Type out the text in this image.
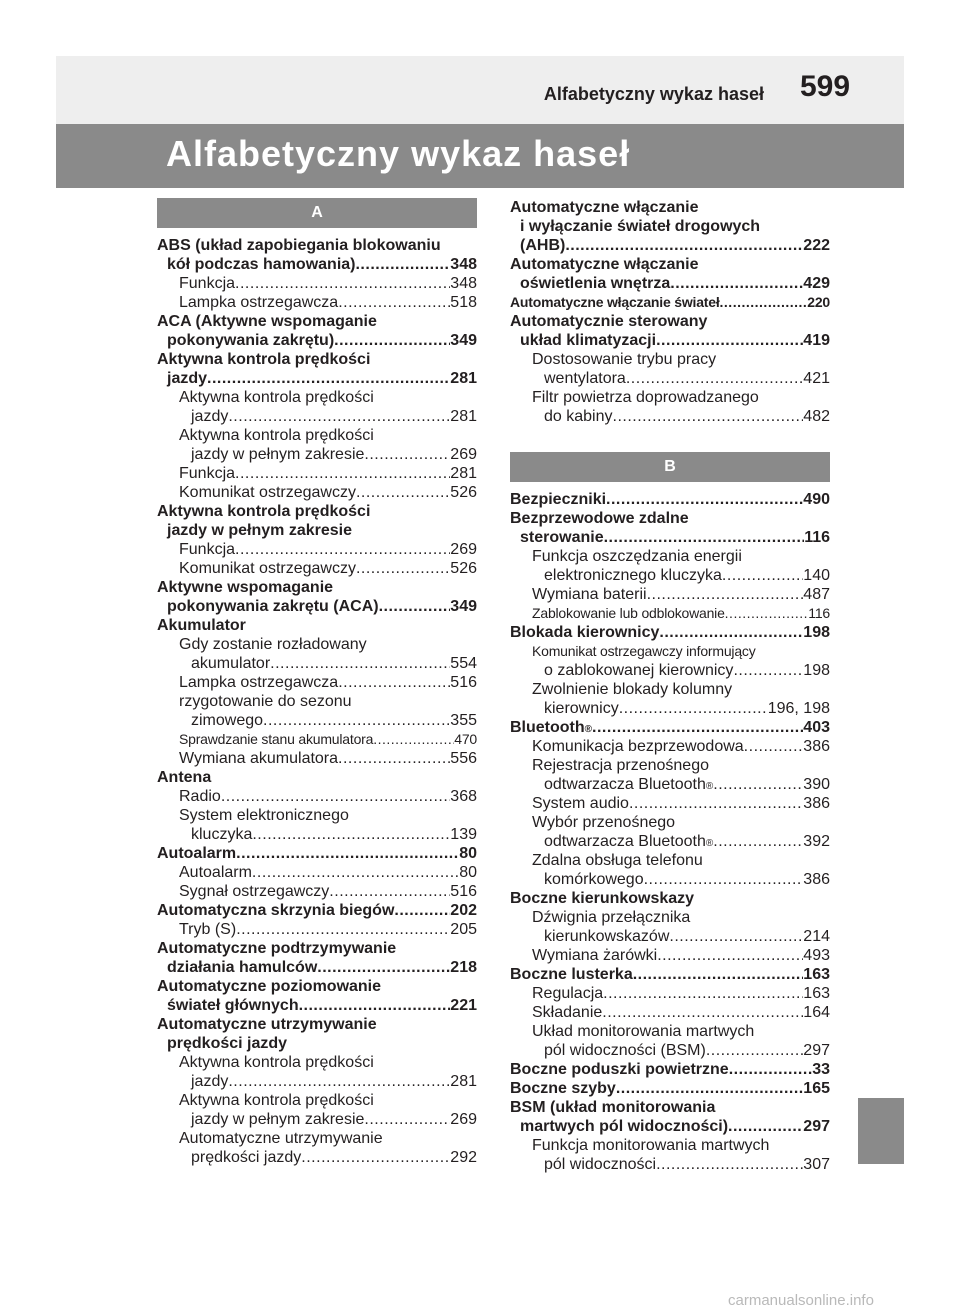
Alfabetyczny wykaz haseł 599
Alfabetyczny wykaz haseł
A
ABS (układ zapobiegania blokowaniu
kół podczas hamowania) .....	348
Funkcja .....	348
Lampka ostrzegawcza .....	518
ACA (Aktywne wspomaganie
pokonywania zakrętu) .....	349
Aktywna kontrola prędkości
jazdy .....	281
Aktywna kontrola prędkości
jazdy .....	281
Aktywna kontrola prędkości
jazdy w pełnym zakresie .....	269
Funkcja .....	281
Komunikat ostrzegawczy .....	526
Aktywna kontrola prędkości
jazdy w pełnym zakresie
Funkcja .....	269
Komunikat ostrzegawczy .....	526
Aktywne wspomaganie
pokonywania zakrętu (ACA) .....	349
Akumulator
Gdy zostanie rozładowany
akumulator .....	554
Lampka ostrzegawcza .....	516
rzygotowanie do sezonu
zimowego .....	355
Sprawdzanie stanu akumulatora .....	470
Wymiana akumulatora .....	556
Antena
Radio .....	368
System elektronicznego
kluczyka .....	139
Autoalarm .....	80
Autoalarm .....	80
Sygnał ostrzegawczy .....	516
Automatyczna skrzynia biegów .....	202
Tryb (S) .....	205
Automatyczne podtrzymywanie
działania hamulców .....	218
Automatyczne poziomowanie
świateł głównych .....	221
Automatyczne utrzymywanie
prędkości jazdy
Aktywna kontrola prędkości
jazdy .....	281
Aktywna kontrola prędkości
jazdy w pełnym zakresie .....	269
Automatyczne utrzymywanie
prędkości jazdy .....	292
Automatyczne włączanie
i wyłączanie świateł drogowych
(AHB) .....	222
Automatyczne włączanie
oświetlenia wnętrza .....	429
Automatyczne włączanie świateł .....	220
Automatycznie sterowany
układ klimatyzacji .....	419
Dostosowanie trybu pracy
wentylatora .....	421
Filtr powietrza doprowadzanego
do kabiny .....	482
B
Bezpieczniki .....	490
Bezprzewodowe zdalne
sterowanie .....	116
Funkcja oszczędzania energii
elektronicznego kluczyka .....	140
Wymiana baterii .....	487
Zablokowanie lub odblokowanie .....	116
Blokada kierownicy .....	198
Komunikat ostrzegawczy informujący
o zablokowanej kierownicy .....	198
Zwolnienie blokady kolumny
kierownicy .....	196, 198
Bluetooth ® .....	403
Komunikacja bezprzewodowa .....	386
Rejestracja przenośnego
odtwarzacza Bluetooth ® .....	390
System audio .....	386
Wybór przenośnego
odtwarzacza Bluetooth ® .....	392
Zdalna obsługa telefonu
komórkowego .....	386
Boczne kierunkowskazy
Dźwignia przełącznika
kierunkowskazów .....	214
Wymiana żarówki .....	493
Boczne lusterka .....	163
Regulacja .....	163
Składanie .....	164
Układ monitorowania martwych
pól widoczności (BSM) .....	297
Boczne poduszki powietrzne .....	33
Boczne szyby .....	165
BSM (układ monitorowania
martwych pól widoczności) .....	297
Funkcja monitorowania martwych
pól widoczności .....	307
carmanualsonline.info
